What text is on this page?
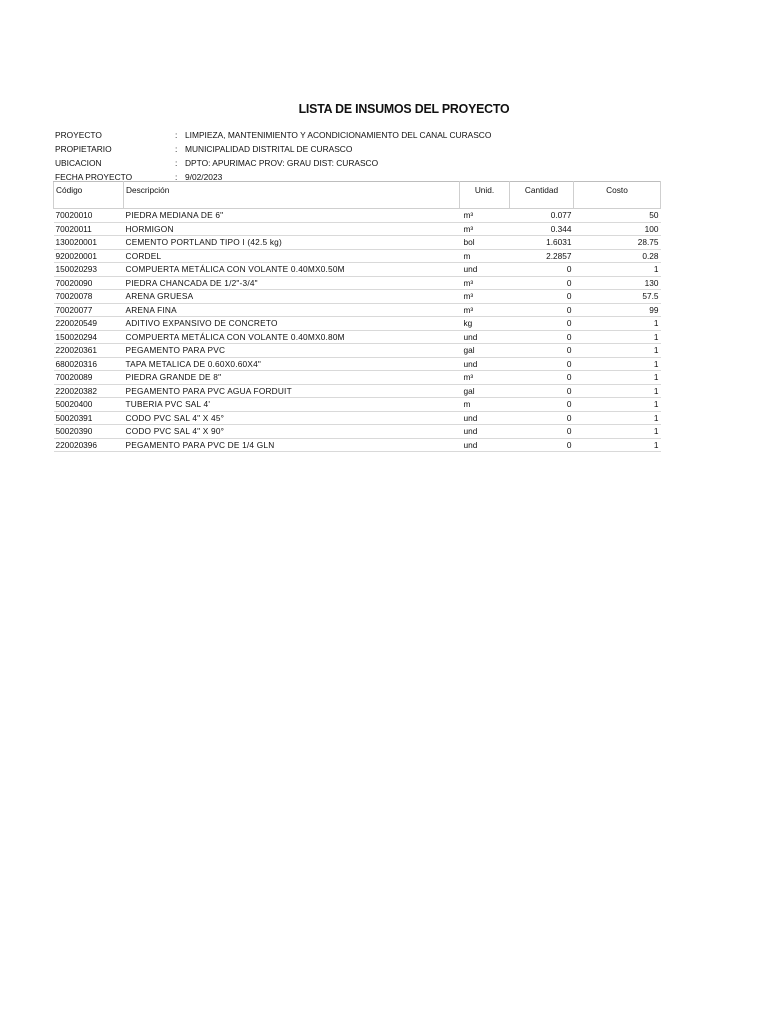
LISTA DE INSUMOS DEL PROYECTO
PROYECTO	: LIMPIEZA, MANTENIMIENTO Y ACONDICIONAMIENTO DEL CANAL CURASCO
PROPIETARIO	: MUNICIPALIDAD DISTRITAL DE CURASCO
UBICACION	: DPTO: APURIMAC PROV: GRAU DIST: CURASCO
FECHA PROYECTO	: 9/02/2023
Código	Descripción	Unid.	Cantidad	Costo
70020010	PIEDRA MEDIANA DE 6"	m³	0.077	50
70020011	HORMIGON	m³	0.344	100
130020001	CEMENTO PORTLAND TIPO I (42.5 kg)	bol	1.6031	28.75
920020001	CORDEL	m	2.2857	0.28
150020293	COMPUERTA METÁLICA CON VOLANTE 0.40MX0.50M	und	0	1
70020090	PIEDRA CHANCADA DE 1/2"-3/4"	m³	0	130
70020078	ARENA GRUESA	m³	0	57.5
70020077	ARENA FINA	m³	0	99
220020549	ADITIVO EXPANSIVO DE CONCRETO	kg	0	1
150020294	COMPUERTA METÁLICA CON VOLANTE 0.40MX0.80M	und	0	1
220020361	PEGAMENTO PARA PVC	gal	0	1
680020316	TAPA METALICA DE 0.60X0.60X4"	und	0	1
70020089	PIEDRA GRANDE DE 8"	m³	0	1
220020382	PEGAMENTO PARA PVC AGUA FORDUIT	gal	0	1
50020400	TUBERIA PVC SAL 4'	m	0	1
50020391	CODO PVC SAL 4" X 45°	und	0	1
50020390	CODO PVC SAL 4" X 90°	und	0	1
220020396	PEGAMENTO PARA PVC DE 1/4 GLN	und	0	1
